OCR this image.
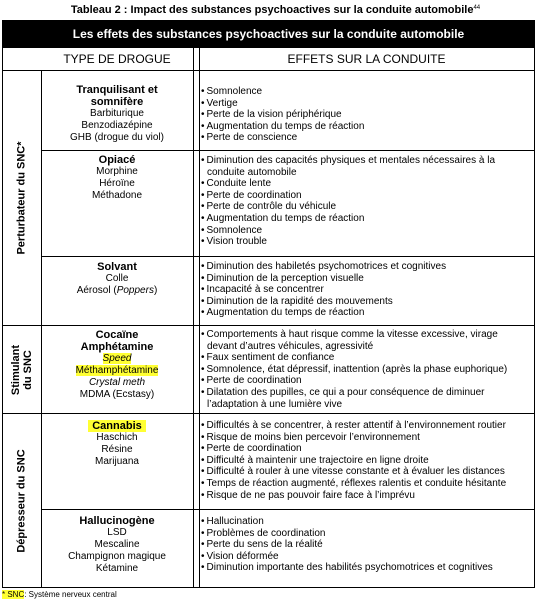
Tableau 2 : Impact des substances psychoactives sur la conduite automobile$^{44}$
Les effets des substances psychoactives sur la conduite automobile
TYPE DE DROGUE	EFFETS SUR LA CONDUITE
Perturbateur du SNC*
Stimulant
du SNC
Dépresseur du SNC
Tranquilisant et
somnifère
Barbiturique
Benzodiazépine
GHB (drogue du viol)
• Somnolence
• Vertige
• Perte de la vision périphérique
• Augmentation du temps de réaction
• Perte de conscience
Opiacé
Morphine
Héroïne
Méthadone
• Diminution des capacités physiques et mentales nécessaires à la conduite automobile
• Conduite lente
• Perte de coordination
• Perte de contrôle du véhicule
• Augmentation du temps de réaction
• Somnolence
• Vision trouble
Solvant
Colle
Aérosol (Poppers)
• Diminution des habiletés psychomotrices et cognitives
• Diminution de la perception visuelle
• Incapacité à se concentrer
• Diminution de la rapidité des mouvements
• Augmentation du temps de réaction
Cocaïne
Amphétamine
Speed
Méthamphétamine
Crystal meth
MDMA (Ecstasy)
• Comportements à haut risque comme la vitesse excessive, virage devant d’autres véhicules, agressivité
• Faux sentiment de confiance
• Somnolence, état dépressif, inattention (après la phase euphorique)
• Perte de coordination
• Dilatation des pupilles, ce qui a pour conséquence de diminuer l’adaptation à une lumière vive
Cannabis
Haschich
Résine
Marijuana
• Difficultés à se concentrer, à rester attentif à l’environnement routier
• Risque de moins bien percevoir l’environnement
• Perte de coordination
• Difficulté à maintenir une trajectoire en ligne droite
• Difficulté à rouler à une vitesse constante et à évaluer les distances
• Temps de réaction augmenté, réflexes ralentis et conduite hésitante
• Risque de ne pas pouvoir faire face à l’imprévu
Hallucinogène
LSD
Mescaline
Champignon magique
Kétamine
• Hallucination
• Problèmes de coordination
• Perte du sens de la réalité
• Vision déformée
• Diminution importante des habilités psychomotrices et cognitives
* SNC: Système nerveux central
